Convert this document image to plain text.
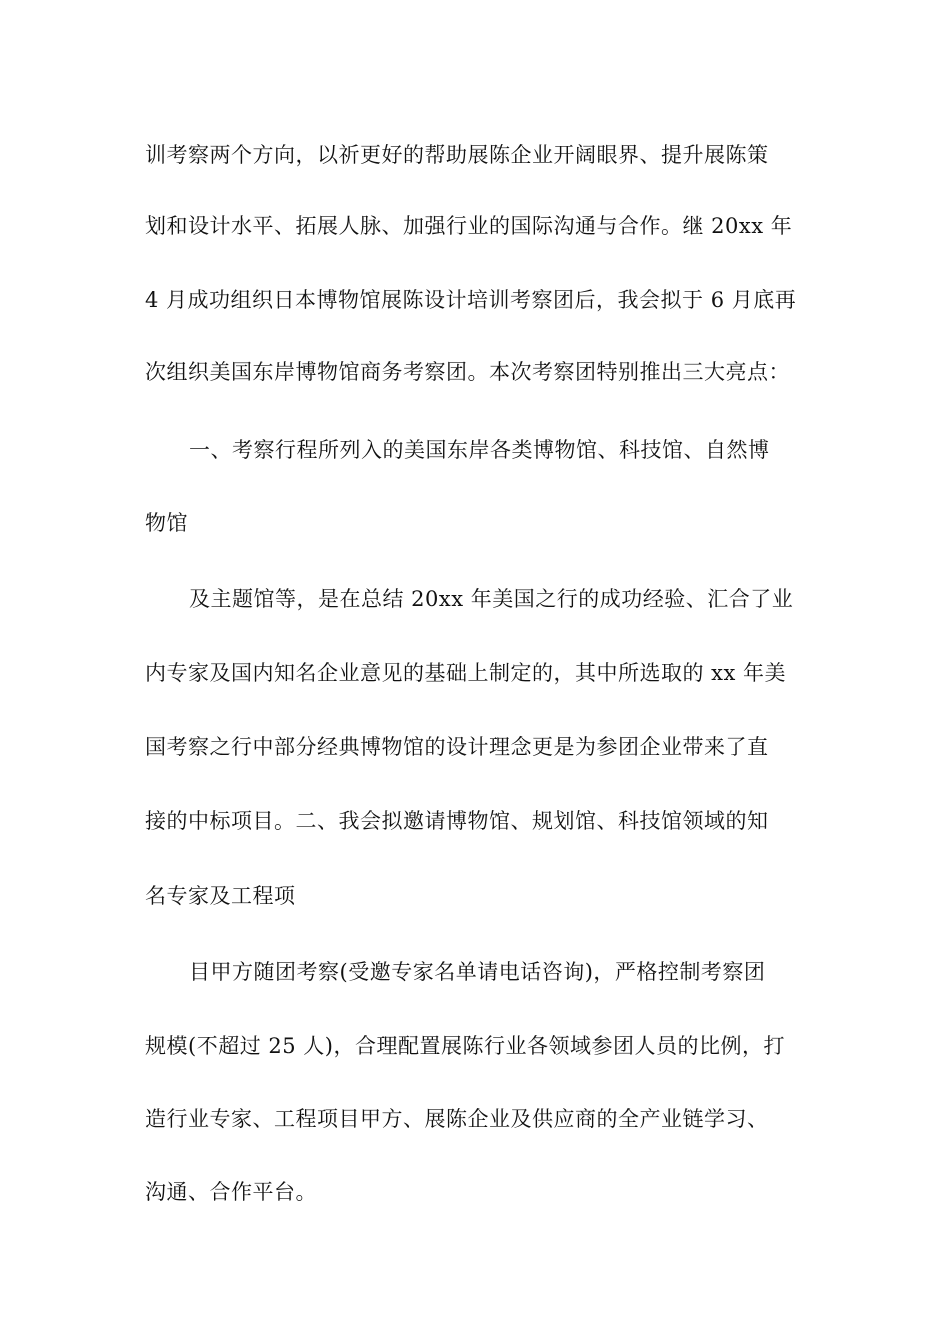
训考察两个方向，以祈更好的帮助展陈企业开阔眼界、提升展陈策
划和设计水平、拓展人脉、加强行业的国际沟通与合作。继 20xx 年
4 月成功组织日本博物馆展陈设计培训考察团后，我会拟于 6 月底再
次组织美国东岸博物馆商务考察团。本次考察团特别推出三大亮点：
一、考察行程所列入的美国东岸各类博物馆、科技馆、自然博
物馆
及主题馆等，是在总结 20xx 年美国之行的成功经验、汇合了业
内专家及国内知名企业意见的基础上制定的，其中所选取的 xx 年美
国考察之行中部分经典博物馆的设计理念更是为参团企业带来了直
接的中标项目。二、我会拟邀请博物馆、规划馆、科技馆领域的知
名专家及工程项
目甲方随团考察(受邀专家名单请电话咨询)，严格控制考察团
规模(不超过 25 人)，合理配置展陈行业各领域参团人员的比例，打
造行业专家、工程项目甲方、展陈企业及供应商的全产业链学习、
沟通、合作平台。
